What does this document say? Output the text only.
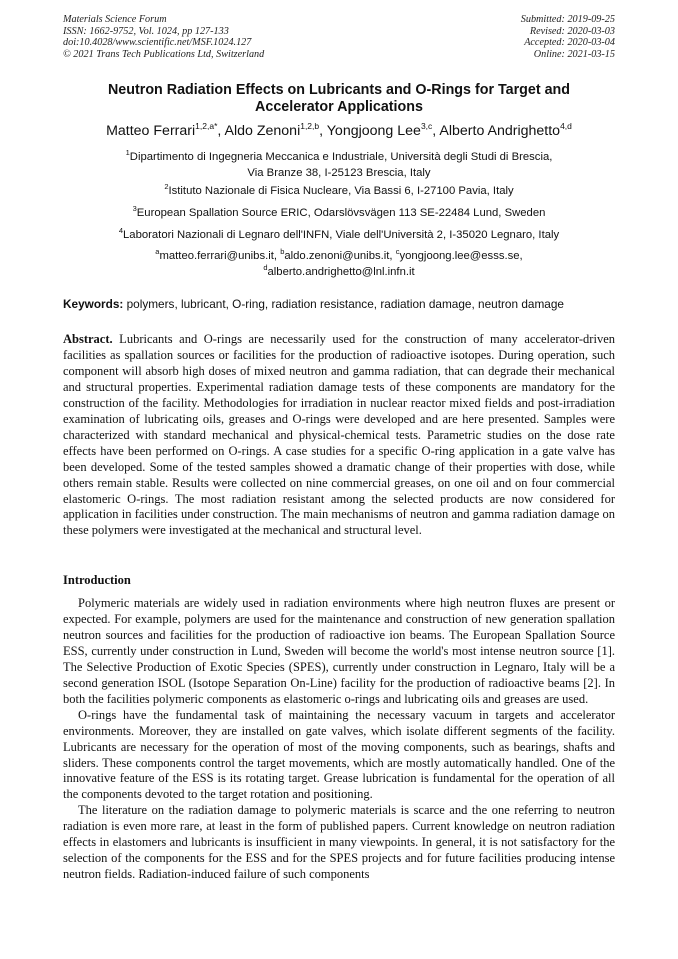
Materials Science Forum
ISSN: 1662-9752, Vol. 1024, pp 127-133
doi:10.4028/www.scientific.net/MSF.1024.127
© 2021 Trans Tech Publications Ltd, Switzerland
Submitted: 2019-09-25
Revised: 2020-03-03
Accepted: 2020-03-04
Online: 2021-03-15
Neutron Radiation Effects on Lubricants and O-Rings for Target and
Accelerator Applications
Matteo Ferrari$^{1,2,a*}$, Aldo Zenoni$^{1,2,b}$, Yongjoong Lee$^{3,c}$, Alberto Andrighetto$^{4,d}$
$^1$Dipartimento di Ingegneria Meccanica e Industriale, Università degli Studi di Brescia,
Via Branze 38, I-25123 Brescia, Italy
$^2$Istituto Nazionale di Fisica Nucleare, Via Bassi 6, I-27100 Pavia, Italy
$^3$European Spallation Source ERIC, Odarslövsvägen 113 SE-22484 Lund, Sweden
$^4$Laboratori Nazionali di Legnaro dell'INFN, Viale dell'Università 2, I-35020 Legnaro, Italy
$^a$matteo.ferrari@unibs.it, $^b$aldo.zenoni@unibs.it, $^c$yongjoong.lee@esss.se,
$^d$alberto.andrighetto@lnl.infn.it
Keywords: polymers, lubricant, O-ring, radiation resistance, radiation damage, neutron damage
Abstract. Lubricants and O-rings are necessarily used for the construction of many accelerator-driven facilities as spallation sources or facilities for the production of radioactive isotopes. During operation, such component will absorb high doses of mixed neutron and gamma radiation, that can degrade their mechanical and structural properties. Experimental radiation damage tests of these components are mandatory for the construction of the facility. Methodologies for irradiation in nuclear reactor mixed fields and post-irradiation examination of lubricating oils, greases and O-rings were developed and are here presented. Samples were characterized with standard mechanical and physical-chemical tests. Parametric studies on the dose rate effects have been performed on O-rings. A case studies for a specific O-ring application in a gate valve has been developed. Some of the tested samples showed a dramatic change of their properties with dose, while others remain stable. Results were collected on nine commercial greases, on one oil and on four commercial elastomeric O-rings. The most radiation resistant among the selected products are now considered for application in facilities under construction. The main mechanisms of neutron and gamma radiation damage on these polymers were investigated at the mechanical and structural level.
Introduction

Polymeric materials are widely used in radiation environments where high neutron fluxes are present or expected. For example, polymers are used for the maintenance and construction of new generation spallation neutron sources and facilities for the production of radioactive ion beams. The European Spallation Source ESS, currently under construction in Lund, Sweden will become the world's most intense neutron source [1]. The Selective Production of Exotic Species (SPES), currently under construction in Legnaro, Italy will be a second generation ISOL (Isotope Separation On-Line) facility for the production of radioactive beams [2]. In both the facilities polymeric components as elastomeric o-rings and lubricating oils and greases are used.

O-rings have the fundamental task of maintaining the necessary vacuum in targets and accelerator environments. Moreover, they are installed on gate valves, which isolate different segments of the facility. Lubricants are necessary for the operation of most of the moving components, such as bearings, shafts and sliders. These components control the target movements, which are mostly automatically handled. One of the innovative feature of the ESS is its rotating target. Grease lubrication is fundamental for the operation of all the components devoted to the target rotation and positioning.

The literature on the radiation damage to polymeric materials is scarce and the one referring to neutron radiation is even more rare, at least in the form of published papers. Current knowledge on neutron radiation effects in elastomers and lubricants is insufficient in many viewpoints. In general, it is not satisfactory for the selection of the components for the ESS and for the SPES projects and for future facilities producing intense neutron fields. Radiation-induced failure of such components
